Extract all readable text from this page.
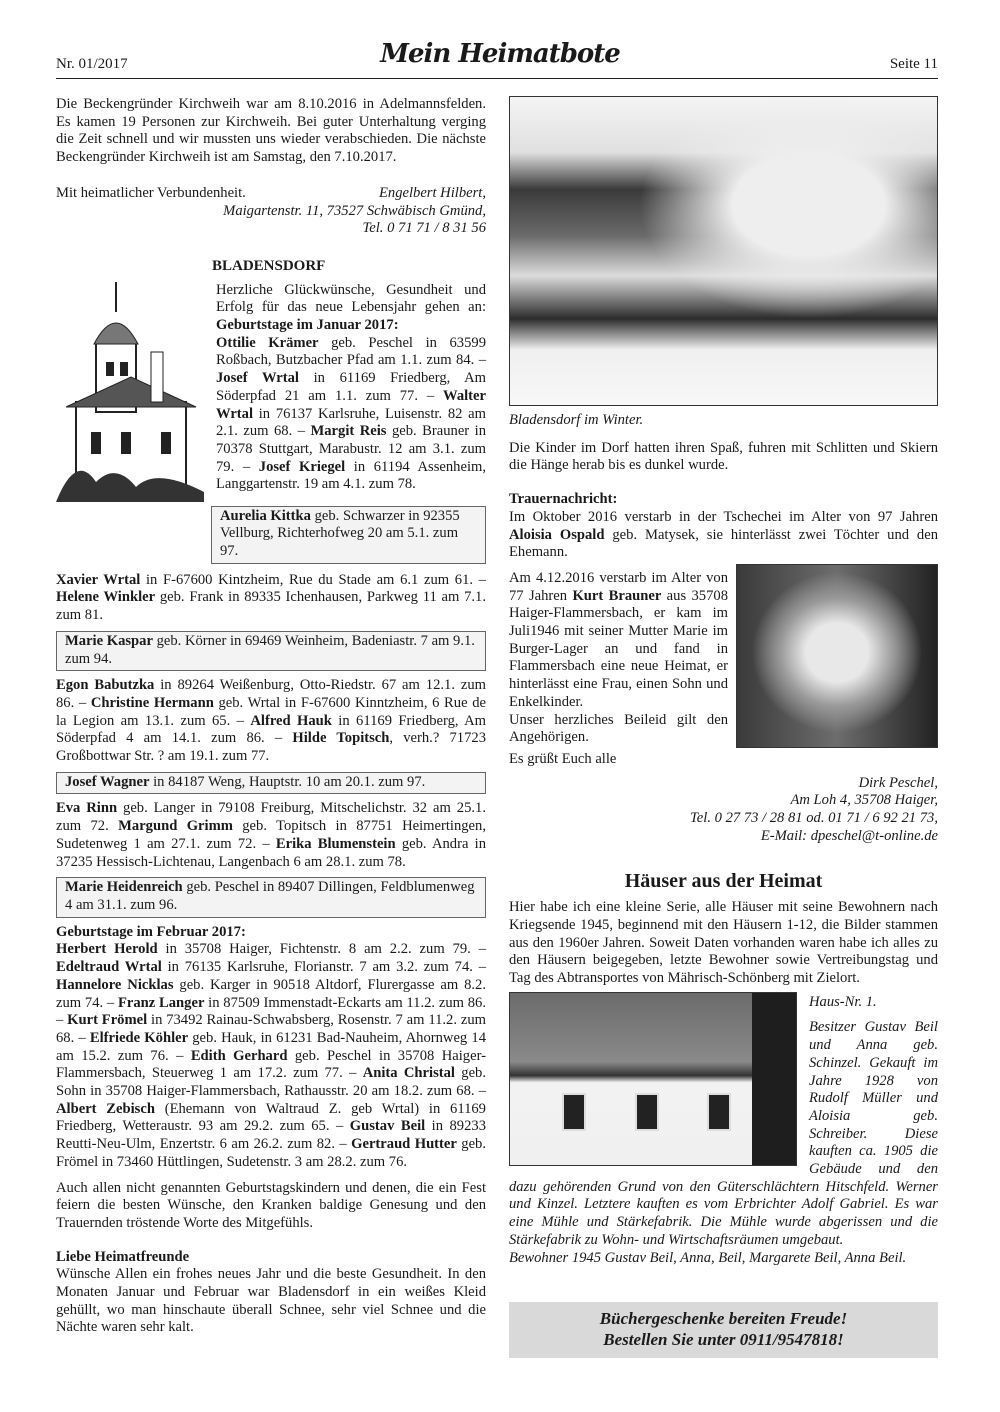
Nr. 01/2017	Mein Heimatbote	Seite 11

Die Beckengründer Kirchweih war am 8.10.2016 in Adelmannsfelden. Es kamen 19 Personen zur Kirchweih. Bei guter Unterhaltung verging die Zeit schnell und wir mussten uns wieder verabschieden. Die nächste Beckengründer Kirchweih ist am Samstag, den 7.10.2017.

Mit heimatlicher Verbundenheit.	Engelbert Hilbert,
Maigartenstr. 11, 73527 Schwäbisch Gmünd,
Tel. 0 71 71 / 8 31 56
BLADENSDORF

Herzliche Glückwünsche, Gesundheit und Erfolg für das neue Lebensjahr gehen an: Geburtstage im Januar 2017:
Ottilie Krämer geb. Peschel in 63599 Roßbach, Butzbacher Pfad am 1.1. zum 84. – Josef Wrtal in 61169 Friedberg, Am Söderpfad 21 am 1.1. zum 77. – Walter Wrtal in 76137 Karlsruhe, Luisenstr. 82 am 2.1. zum 68. – Margit Reis geb. Brauner in 70378 Stuttgart, Marabustr. 12 am 3.1. zum 79. – Josef Kriegel in 61194 Assenheim, Langgartenstr. 19 am 4.1. zum 78.

Aurelia Kittka geb. Schwarzer in 92355 Vellburg, Richterhofweg 20 am 5.1. zum 97.

Xavier Wrtal in F-67600 Kintzheim, Rue du Stade am 6.1 zum 61. – Helene Winkler geb. Frank in 89335 Ichenhausen, Parkweg 11 am 7.1. zum 81.

Marie Kaspar geb. Körner in 69469 Weinheim, Badeniastr. 7 am 9.1. zum 94.

Egon Babutzka in 89264 Weißenburg, Otto-Riedstr. 67 am 12.1. zum 86. – Christine Hermann geb. Wrtal in F-67600 Kinntzheim, 6 Rue de la Legion am 13.1. zum 65. – Alfred Hauk in 61169 Friedberg, Am Söderpfad 4 am 14.1. zum 86. – Hilde Topitsch, verh.? 71723 Großbottwar Str. ? am 19.1. zum 77.

Josef Wagner in 84187 Weng, Hauptstr. 10 am 20.1. zum 97.

Eva Rinn geb. Langer in 79108 Freiburg, Mitschelichstr. 32 am 25.1. zum 72. Margund Grimm geb. Topitsch in 87751 Heimertingen, Sudetenweg 1 am 27.1. zum 72. – Erika Blumenstein geb. Andra in 37235 Hessisch-Lichtenau, Langenbach 6 am 28.1. zum 78.

Marie Heidenreich geb. Peschel in 89407 Dillingen, Feldblumenweg 4 am 31.1. zum 96.

Geburtstage im Februar 2017:
Herbert Herold in 35708 Haiger, Fichtenstr. 8 am 2.2. zum 79. – Edeltraud Wrtal in 76135 Karlsruhe, Florianstr. 7 am 3.2. zum 74. – Hannelore Nicklas geb. Karger in 90518 Altdorf, Flurergasse am 8.2. zum 74. – Franz Langer in 87509 Immenstadt-Eckarts am 11.2. zum 86. – Kurt Frömel in 73492 Rainau-Schwabsberg, Rosenstr. 7 am 11.2. zum 68. – Elfriede Köhler geb. Hauk, in 61231 Bad-Nauheim, Ahornweg 14 am 15.2. zum 76. – Edith Gerhard geb. Peschel in 35708 Haiger-Flammersbach, Steuerweg 1 am 17.2. zum 77. – Anita Christal geb. Sohn in 35708 Haiger-Flammersbach, Rathausstr. 20 am 18.2. zum 68. – Albert Zebisch (Ehemann von Waltraud Z. geb Wrtal) in 61169 Friedberg, Wetteraustr. 93 am 29.2. zum 65. – Gustav Beil in 89233 Reutti-Neu-Ulm, Enzertstr. 6 am 26.2. zum 82. – Gertraud Hutter geb. Frömel in 73460 Hüttlingen, Sudetenstr. 3 am 28.2. zum 76.

Auch allen nicht genannten Geburtstagskindern und denen, die ein Fest feiern die besten Wünsche, den Kranken baldige Genesung und den Trauernden tröstende Worte des Mitgefühls.

Liebe Heimatfreunde
Wünsche Allen ein frohes neues Jahr und die beste Gesundheit. In den Monaten Januar und Februar war Bladensdorf in ein weißes Kleid gehüllt, wo man hinschaute überall Schnee, sehr viel Schnee und die Nächte waren sehr kalt.

Bladensdorf im Winter.

Die Kinder im Dorf hatten ihren Spaß, fuhren mit Schlitten und Skiern die Hänge herab bis es dunkel wurde.

Trauernachricht:
Im Oktober 2016 verstarb in der Tschechei im Alter von 97 Jahren Aloisia Ospald geb. Matysek, sie hinterlässt zwei Töchter und den Ehemann.

Am 4.12.2016 verstarb im Alter von 77 Jahren Kurt Brauner aus 35708 Haiger-Flammersbach, er kam im Juli1946 mit seiner Mutter Marie im Burger-Lager an und fand in Flammersbach eine neue Heimat, er hinterlässt eine Frau, einen Sohn und Enkelkinder.

Unser herzliches Beileid gilt den Angehörigen.

Es grüßt Euch alle

Dirk Peschel,
Am Loh 4, 35708 Haiger,
Tel. 0 27 73 / 28 81 od. 01 71 / 6 92 21 73,
E-Mail: dpeschel@t-online.de
Häuser aus der Heimat

Hier habe ich eine kleine Serie, alle Häuser mit seine Bewohnern nach Kriegsende 1945, beginnend mit den Häusern 1-12, die Bilder stammen aus den 1960er Jahren. Soweit Daten vorhanden waren habe ich alles zu den Häusern beigegeben, letzte Bewohner sowie Vertreibungstag und Tag des Abtransportes von Mährisch-Schönberg mit Zielort.

Haus-Nr. 1.

Besitzer Gustav Beil und Anna geb. Schinzel. Gekauft im Jahre 1928 von Rudolf Müller und Aloisia geb. Schreiber. Diese kauften ca. 1905 die Gebäude und den dazu gehörenden Grund von den Güterschlächtern Hitschfeld. Werner und Kinzel. Letztere kauften es vom Erbrichter Adolf Gabriel. Es war eine Mühle und Stärkefabrik. Die Mühle wurde abgerissen und die Stärkefabrik zu Wohn- und Wirtschaftsräumen umgebaut.

Bewohner 1945 Gustav Beil, Anna, Beil, Margarete Beil, Anna Beil.
Büchergeschenke bereiten Freude!
Bestellen Sie unter 0911/9547818!
